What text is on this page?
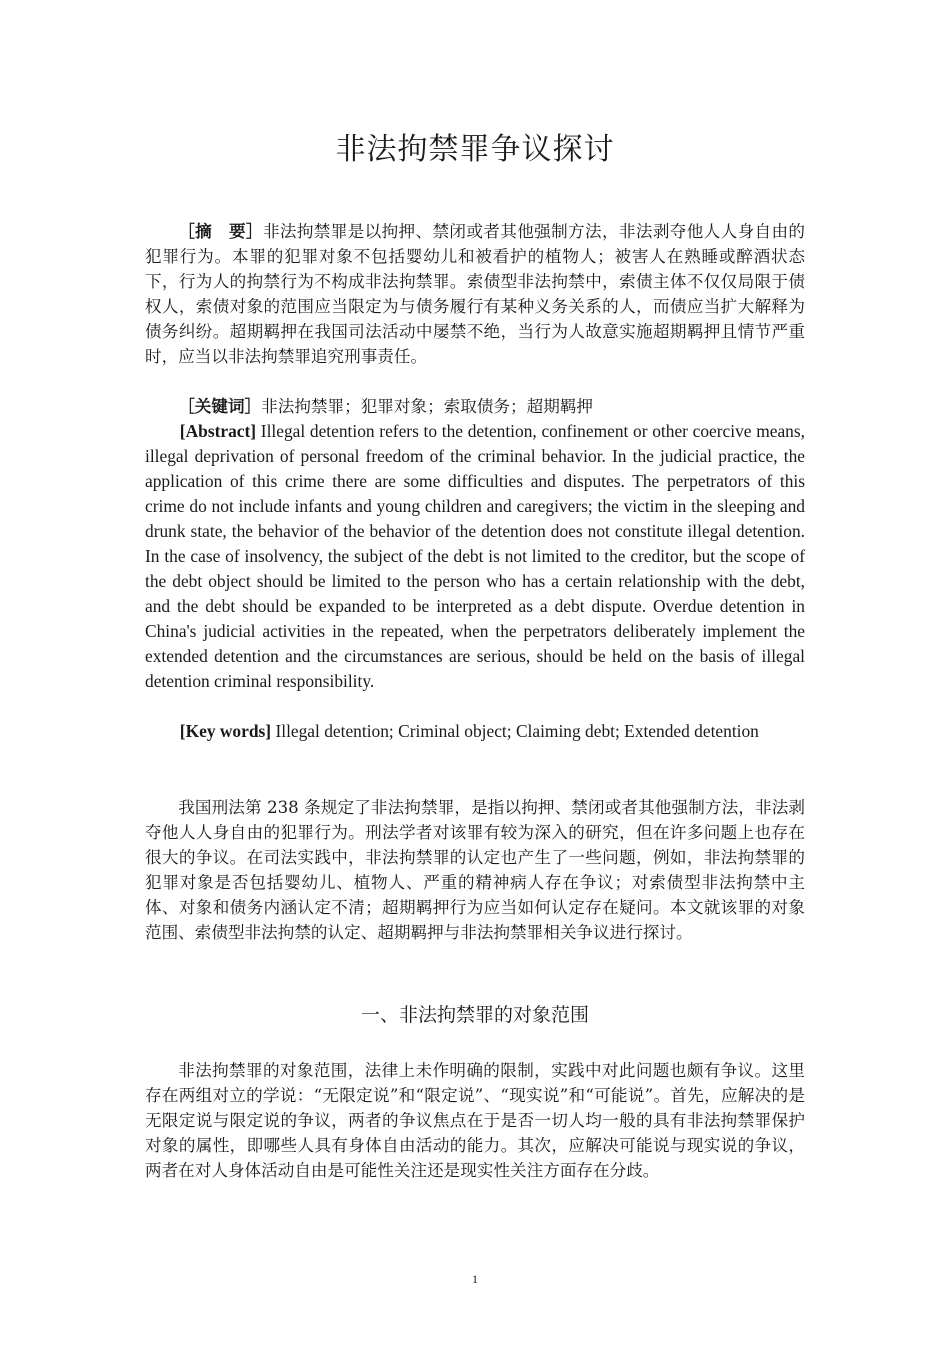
非法拘禁罪争议探讨

［摘　要］非法拘禁罪是以拘押、禁闭或者其他强制方法，非法剥夺他人人身自由的犯罪行为。本罪的犯罪对象不包括婴幼儿和被看护的植物人；被害人在熟睡或醉酒状态下，行为人的拘禁行为不构成非法拘禁罪。索债型非法拘禁中，索债主体不仅仅局限于债权人，索债对象的范围应当限定为与债务履行有某种义务关系的人，而债应当扩大解释为债务纠纷。超期羁押在我国司法活动中屡禁不绝，当行为人故意实施超期羁押且情节严重时，应当以非法拘禁罪追究刑事责任。

［关键词］非法拘禁罪；犯罪对象；索取债务；超期羁押

[Abstract] Illegal detention refers to the detention, confinement or other coercive means, illegal deprivation of personal freedom of the criminal behavior. In the judicial practice, the application of this crime there are some difficulties and disputes. The perpetrators of this crime do not include infants and young children and caregivers; the victim in the sleeping and drunk state, the behavior of the behavior of the detention does not constitute illegal detention. In the case of insolvency, the subject of the debt is not limited to the creditor, but the scope of the debt object should be limited to the person who has a certain relationship with the debt, and the debt should be expanded to be interpreted as a debt dispute. Overdue detention in China's judicial activities in the repeated, when the perpetrators deliberately implement the extended detention and the circumstances are serious, should be held on the basis of illegal detention criminal responsibility.

[Key words] Illegal detention; Criminal object; Claiming debt; Extended detention

我国刑法第 238 条规定了非法拘禁罪，是指以拘押、禁闭或者其他强制方法，非法剥夺他人人身自由的犯罪行为。刑法学者对该罪有较为深入的研究，但在许多问题上也存在很大的争议。在司法实践中，非法拘禁罪的认定也产生了一些问题，例如，非法拘禁罪的犯罪对象是否包括婴幼儿、植物人、严重的精神病人存在争议；对索债型非法拘禁中主体、对象和债务内涵认定不清；超期羁押行为应当如何认定存在疑问。本文就该罪的对象范围、索债型非法拘禁的认定、超期羁押与非法拘禁罪相关争议进行探讨。

一、非法拘禁罪的对象范围

非法拘禁罪的对象范围，法律上未作明确的限制，实践中对此问题也颇有争议。这里存在两组对立的学说：“无限定说”和“限定说”、“现实说”和“可能说”。首先，应解决的是无限定说与限定说的争议，两者的争议焦点在于是否一切人均一般的具有非法拘禁罪保护对象的属性，即哪些人具有身体自由活动的能力。其次，应解决可能说与现实说的争议，两者在对人身体活动自由是可能性关注还是现实性关注方面存在分歧。

1
